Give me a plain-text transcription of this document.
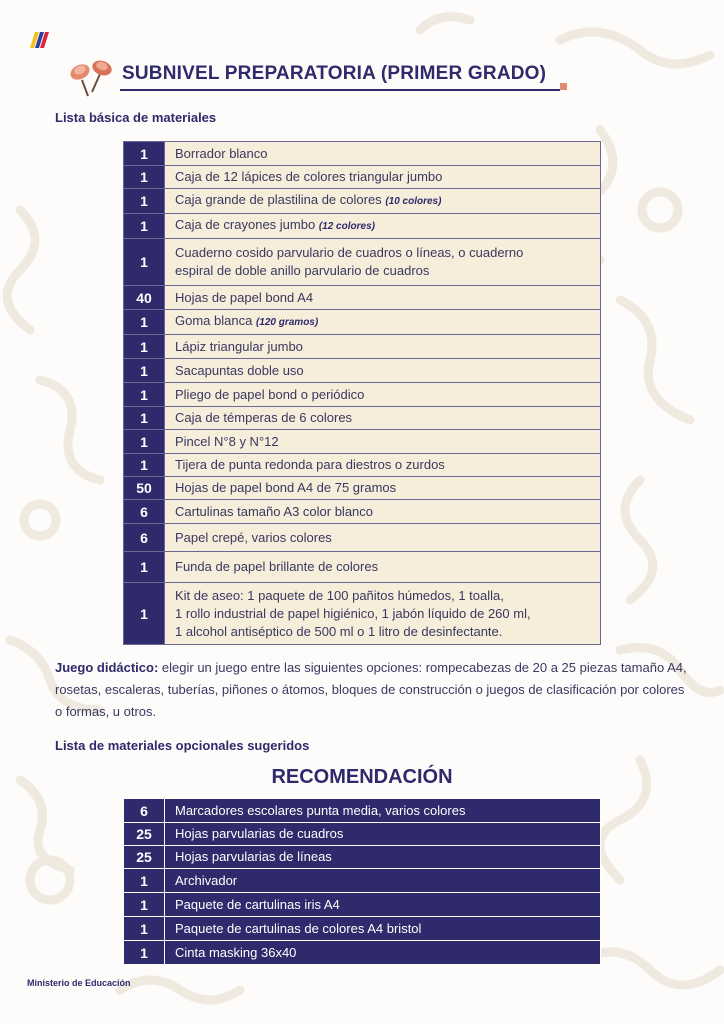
SUBNIVEL PREPARATORIA (PRIMER GRADO)
Lista básica de materiales
1	Borrador blanco
1	Caja de 12 lápices de colores triangular jumbo
1	Caja grande de plastilina de colores (10 colores)
1	Caja de crayones jumbo (12 colores)
1	Cuaderno cosido parvulario de cuadros o líneas, o cuaderno
espiral de doble anillo parvulario de cuadros

40	Hojas de papel bond A4
1	Goma blanca (120 gramos)
1	Lápiz triangular jumbo
1	Sacapuntas doble uso
1	Pliego de papel bond o periódico
1	Caja de témperas de 6 colores
1	Pincel N°8 y N°12
1	Tijera de punta redonda para diestros o zurdos
50	Hojas de papel bond A4 de 75 gramos
6	Cartulinas tamaño A3 color blanco
6	Papel crepé, varios colores
1	Funda de papel brillante de colores
1	Kit de aseo: 1 paquete de 100 pañitos húmedos, 1 toalla,
1 rollo industrial de papel higiénico, 1 jabón líquido de 260 ml,
1 alcohol antiséptico de 500 ml o 1 litro de desinfectante.
Juego didáctico: elegir un juego entre las siguientes opciones: rompecabezas de 20 a 25 piezas tamaño A4, rosetas, escaleras, tuberías, piñones o átomos, bloques de construcción o juegos de clasificación por colores o formas, u otros.
Lista de materiales opcionales sugeridos
RECOMENDACIÓN
6	Marcadores escolares punta media, varios colores
25	Hojas parvularias de cuadros
25	Hojas parvularias de líneas
1	Archivador
1	Paquete de cartulinas iris A4
1	Paquete de cartulinas de colores A4 bristol
1	Cinta masking 36x40
Ministerio de Educación
